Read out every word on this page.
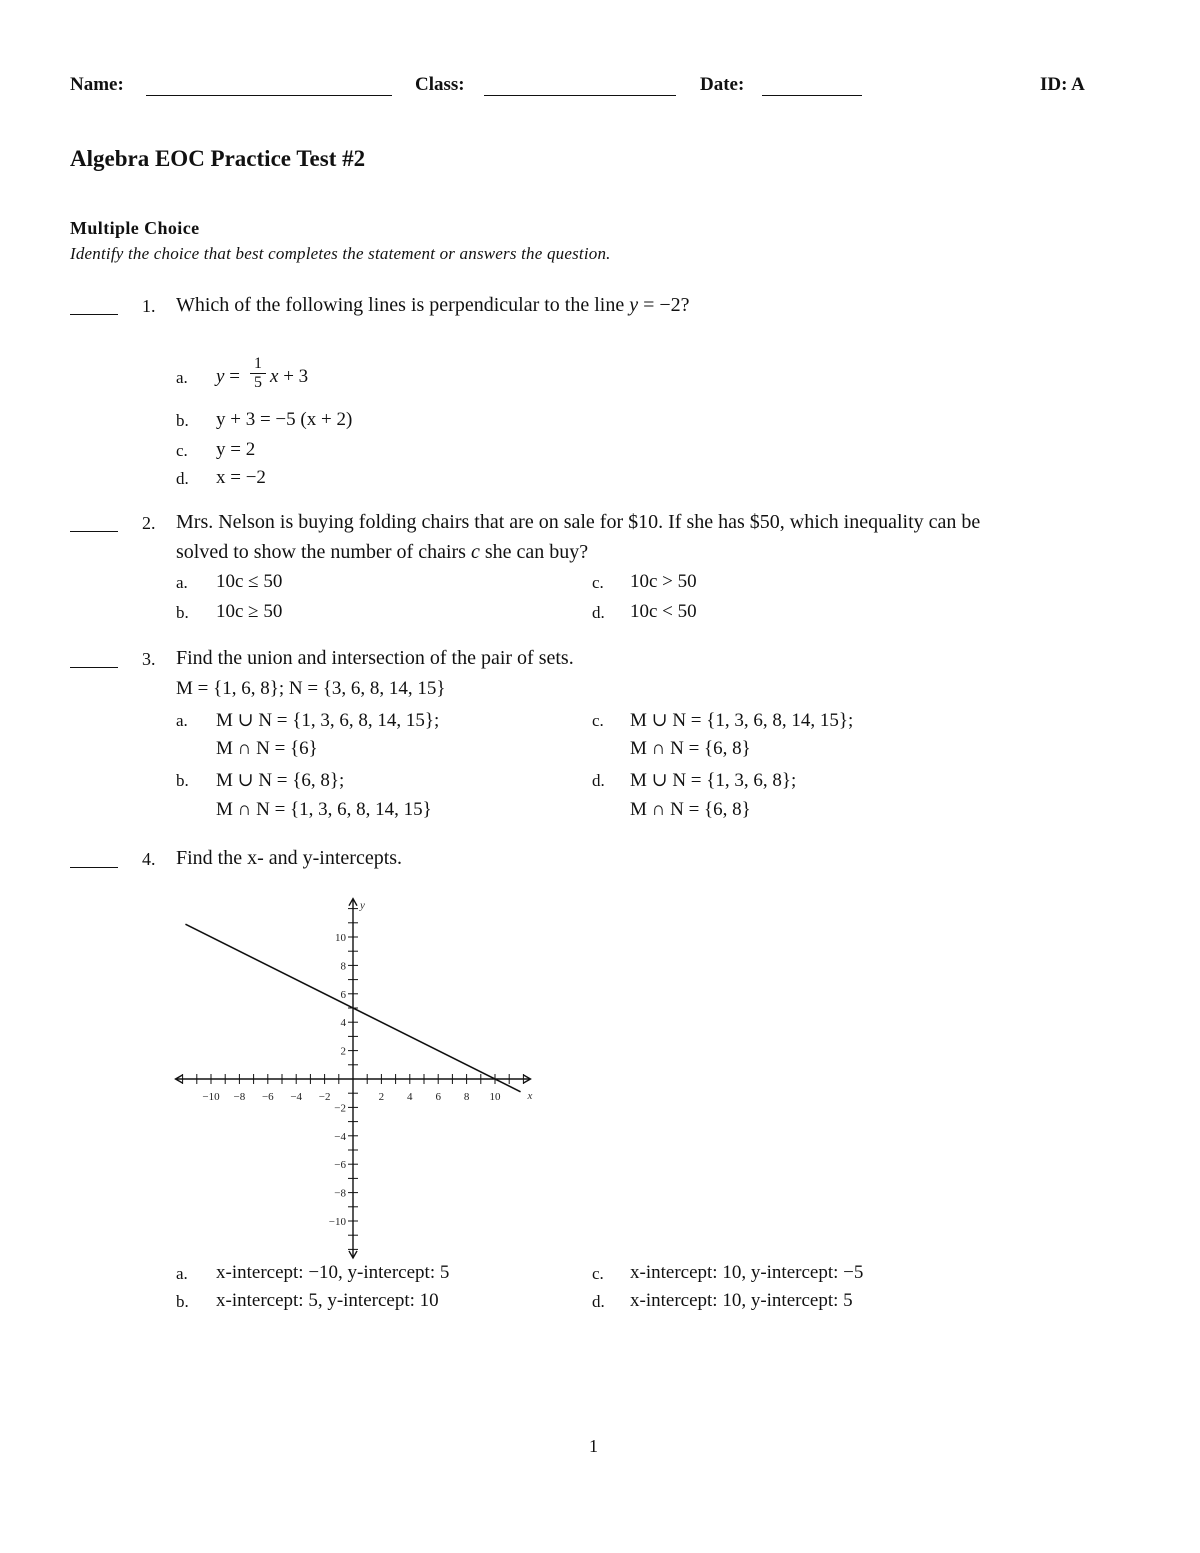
Name:	Class:	Date:	ID: A
Algebra EOC Practice Test #2
Multiple Choice
Identify the choice that best completes the statement or answers the question.
1. Which of the following lines is perpendicular to the line y = −2?
a. y =
1
5 x + 3
b. y + 3 = −5 (x + 2)
c. y = 2
d. x = −2
2. Mrs. Nelson is buying folding chairs that are on sale for $10. If she has $50, which inequality can be
solved to show the number of chairs c she can buy?
a. 10c ≤ 50
b. 10c ≥ 50
c. 10c > 50
d. 10c < 50
3. Find the union and intersection of the pair of sets.
M = {1, 6, 8}; N = {3, 6, 8, 14, 15}
a. M ∪ N = {1, 3, 6, 8, 14, 15};
M ∩ N = {6}
b. M ∪ N = {6, 8};
M ∩ N = {1, 3, 6, 8, 14, 15}
c. M ∪ N = {1, 3, 6, 8, 14, 15};
M ∩ N = {6, 8}
d. M ∪ N = {1, 3, 6, 8};
M ∩ N = {6, 8}
4. Find the x- and y-intercepts.
−10 −8 −6 −4 −2	2 4 6 8 10
10
8
6
4
2
−2
−4
−6
−8
−10
x
y
a. x-intercept: −10, y-intercept: 5
b. x-intercept: 5, y-intercept: 10
c. x-intercept: 10, y-intercept: −5
d. x-intercept: 10, y-intercept: 5
1
